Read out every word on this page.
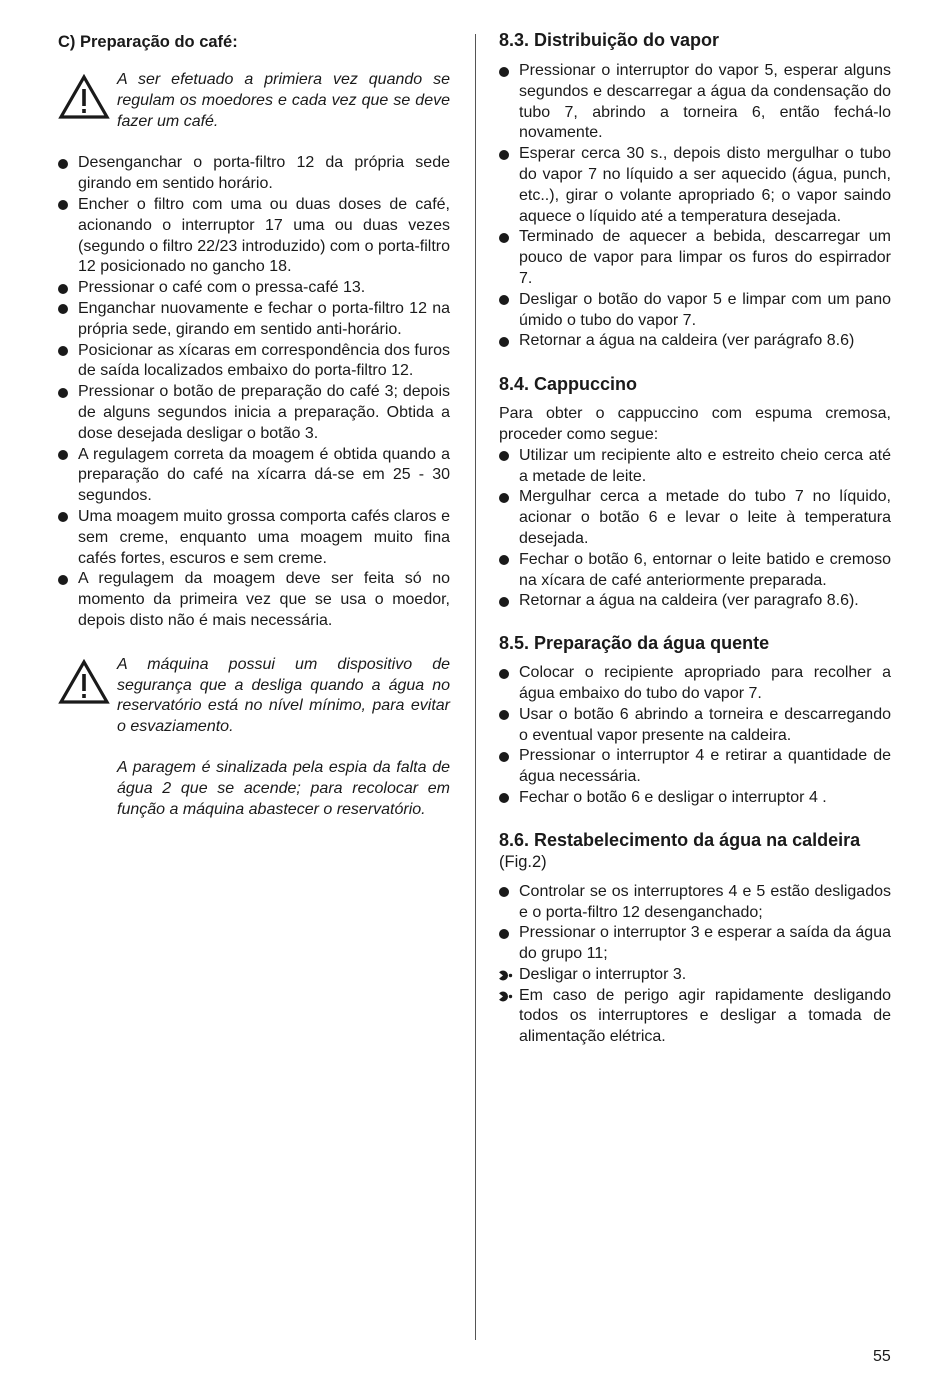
C) Preparação do café:

A ser efetuado a primiera vez quando se regulam os moedores e cada vez que se deve fazer um café.

Desenganchar o porta-filtro 12 da própria sede girando em sentido horário.
Encher o filtro com uma ou duas doses de café, acionando o interruptor 17 uma ou duas vezes (segundo o filtro 22/23 introduzido) com o porta-filtro 12 posicionado no gancho 18.
Pressionar o café com o pressa-café 13.
Enganchar nuovamente e fechar o porta-filtro 12 na própria sede, girando em sentido anti-horário.
Posicionar as xícaras em correspondência dos furos de saída localizados embaixo do porta-filtro 12.
Pressionar o botão de preparação do café 3; depois de alguns segundos inicia a preparação. Obtida a dose desejada desligar o botão 3.
A regulagem correta da moagem é obtida quando a preparação do café na xícarra dá-se em 25 - 30 segundos.
Uma moagem muito grossa comporta cafés claros e sem creme, enquanto uma moagem muito fina cafés fortes, escuros e sem creme.
A regulagem da moagem deve ser feita só no momento da primeira vez que se usa o moedor, depois disto não é mais necessária.

A máquina possui um dispositivo de segurança que a desliga quando a água no reservatório está no nível mínimo, para evitar o esvaziamento.

A paragem é sinalizada pela espia da falta de água 2 que se acende; para recolocar em função a máquina abastecer o reservatório.

8.3. Distribuição do vapor

Pressionar o interruptor do vapor 5, esperar alguns segundos e descarregar a água da condensação do tubo 7, abrindo a torneira 6, então fechá-lo novamente.
Esperar cerca 30 s., depois disto mergulhar o tubo do vapor 7 no líquido a ser aquecido (água, punch, etc..), girar o volante apropriado 6; o vapor saindo aquece o líquido até a temperatura desejada.
Terminado de aquecer a bebida, descarregar um pouco de vapor para limpar os furos do espirrador 7.
Desligar o botão do vapor 5 e limpar com um pano úmido o tubo do vapor 7.
Retornar a água na caldeira (ver parágrafo 8.6)

8.4. Cappuccino

Para obter o cappuccino com espuma cremosa, proceder como segue:
Utilizar um recipiente alto e estreito cheio cerca até a metade de leite.
Mergulhar cerca a metade do tubo 7 no líquido, acionar o botão 6 e levar o leite à temperatura desejada.
Fechar o botão 6, entornar o leite batido e cremoso na xícara de café anteriormente preparada.
Retornar a água na caldeira (ver paragrafo 8.6).

8.5. Preparação da água quente

Colocar o recipiente apropriado para recolher a água embaixo do tubo do vapor 7.
Usar o botão 6 abrindo a torneira e descarregando o eventual vapor presente na caldeira.
Pressionar o interruptor 4 e retirar a quantidade de água necessária.
Fechar o botão 6 e desligar o interruptor 4 .

8.6. Restabelecimento da água na caldeira

(Fig.2)

Controlar se os interruptores 4 e 5 estão desligados e o porta-filtro 12 desenganchado;
Pressionar o interruptor 3 e esperar a saída da água do grupo 11;
Desligar o interruptor 3.
Em caso de perigo agir rapidamente desligando todos os interruptores e desligar a tomada de alimentação elétrica.
55
